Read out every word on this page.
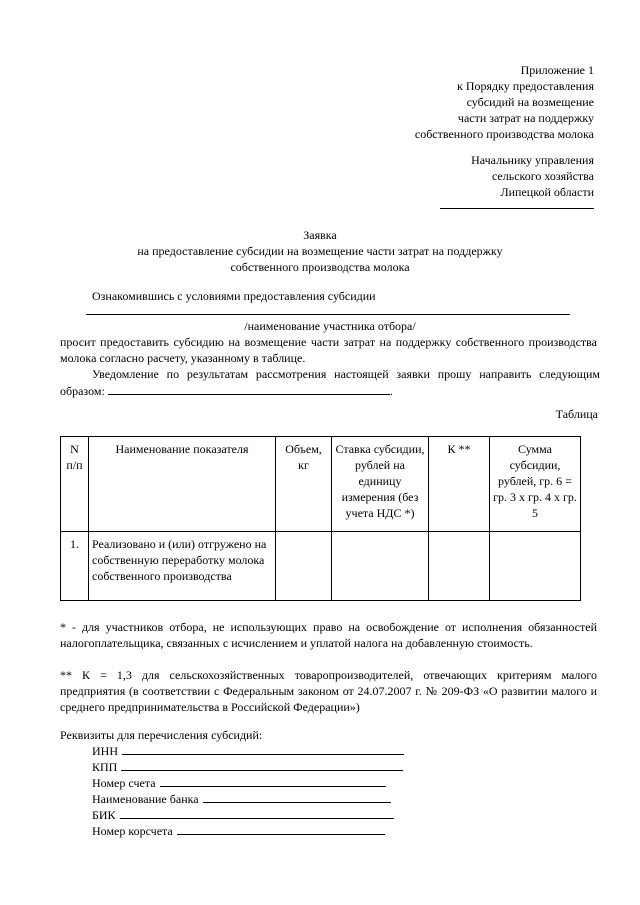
Приложение 1
к Порядку предоставления
субсидий на возмещение
части затрат на поддержку
собственного производства молока
Начальнику управления
сельского хозяйства
Липецкой области
Заявка
на предоставление субсидии на возмещение части затрат на поддержку
собственного производства молока
Ознакомившись с условиями предоставления субсидии
/наименование участника отбора/
просит предоставить субсидию на возмещение части затрат на поддержку собственного производства молока согласно расчету, указанному в таблице.
Уведомление по результатам рассмотрения настоящей заявки прошу направить следующим образом:	.
Таблица
N п/п	Наименование показателя	Объем, кг	Ставка субсидии, рублей на единицу измерения (без учета НДС *)	К **	Сумма субсидии, рублей, гр. 6 = гр. 3 x гр. 4 x гр. 5
1.	Реализовано и (или) отгружено на собственную переработку молока собственного производства				
* - для участников отбора, не использующих право на освобождение от исполнения обязанностей налогоплательщика, связанных с исчислением и уплатой налога на добавленную стоимость.
** К = 1,3 для сельскохозяйственных товаропроизводителей, отвечающих критериям малого предприятия (в соответствии с Федеральным законом от 24.07.2007 г. № 209-ФЗ «О развитии малого и среднего предпринимательства в Российской Федерации»)
Реквизиты для перечисления субсидий:
ИНН
КПП
Номер счета
Наименование банка
БИК
Номер корсчета
